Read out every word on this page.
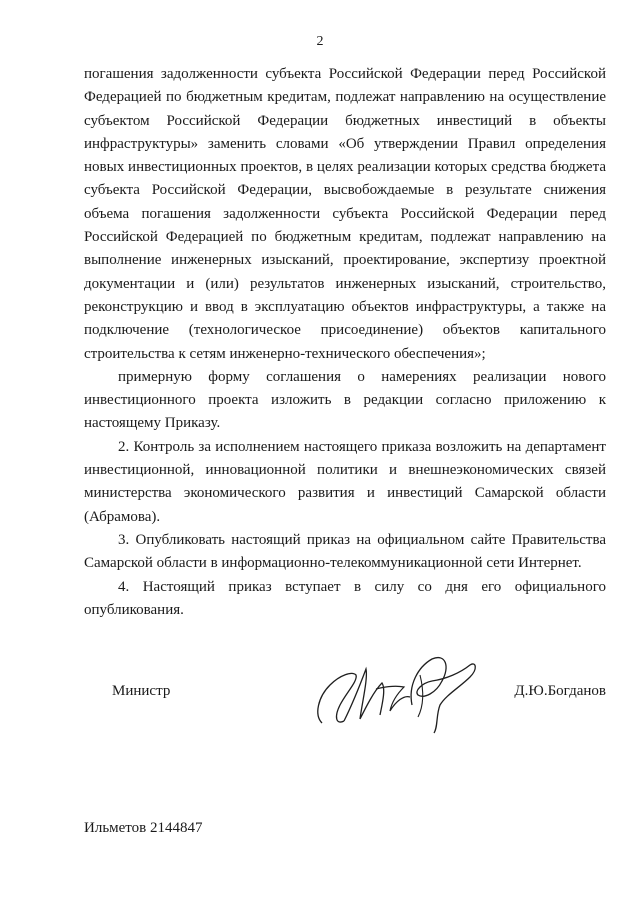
2

погашения задолженности субъекта Российской Федерации перед Российской Федерацией по бюджетным кредитам, подлежат направлению на осуществление субъектом Российской Федерации бюджетных инвестиций в объекты инфраструктуры» заменить словами «Об утверждении Правил определения новых инвестиционных проектов, в целях реализации которых средства бюджета субъекта Российской Федерации, высвобождаемые в результате снижения объема погашения задолженности субъекта Российской Федерации перед Российской Федерацией по бюджетным кредитам, подлежат направлению на выполнение инженерных изысканий, проектирование, экспертизу проектной документации и (или) результатов инженерных изысканий, строительство, реконструкцию и ввод в эксплуатацию объектов инфраструктуры, а также на подключение (технологическое присоединение) объектов капитального строительства к сетям инженерно-технического обеспечения»;

примерную форму соглашения о намерениях реализации нового инвестиционного проекта изложить в редакции согласно приложению к настоящему Приказу.

2. Контроль за исполнением настоящего приказа возложить на департамент инвестиционной, инновационной политики и внешнеэкономических связей министерства экономического развития и инвестиций Самарской области (Абрамова).

3. Опубликовать настоящий приказ на официальном сайте Правительства Самарской области в информационно-телекоммуникационной сети Интернет.

4. Настоящий приказ вступает в силу со дня его официального опубликования.

Министр	Д.Ю.Богданов
Ильметов 2144847
